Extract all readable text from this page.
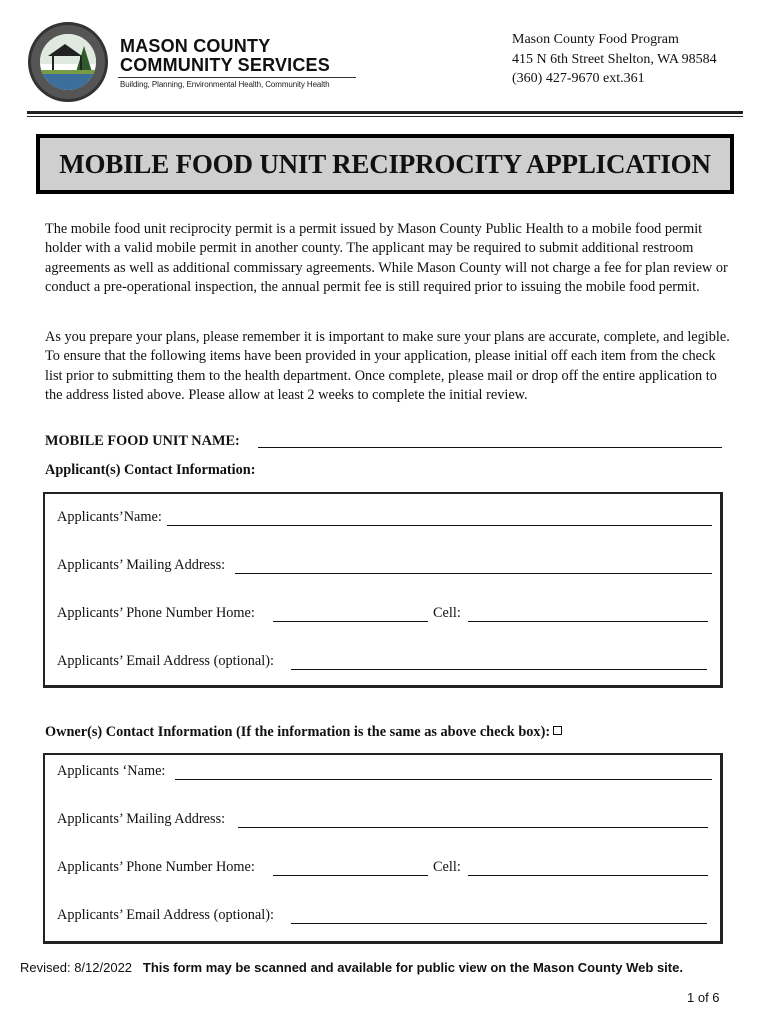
MASON COUNTY
COMMUNITY SERVICES
Building, Planning, Environmental Health, Community Health
Mason County Food Program
415 N 6th Street Shelton, WA 98584
(360) 427-9670 ext.361
MOBILE FOOD UNIT RECIPROCITY APPLICATION
The mobile food unit reciprocity permit is a permit issued by Mason County Public Health to a mobile food permit holder with a valid mobile permit in another county. The applicant may be required to submit additional restroom agreements as well as additional commissary agreements. While Mason County will not charge a fee for plan review or conduct a pre-operational inspection, the annual permit fee is still required prior to issuing the mobile food permit.
As you prepare your plans, please remember it is important to make sure your plans are accurate, complete, and legible. To ensure that the following items have been provided in your application, please initial off each item from the check list prior to submitting them to the health department. Once complete, please mail or drop off the entire application to the address listed above. Please allow at least 2 weeks to complete the initial review.
MOBILE FOOD UNIT NAME:
Applicant(s) Contact Information:
Applicants’Name:
Applicants’ Mailing Address:
Applicants’ Phone Number Home:	Cell:
Applicants’ Email Address (optional):
Owner(s) Contact Information (If the information is the same as above check box):
Applicants ‘Name:
Applicants’ Mailing Address:
Applicants’ Phone Number Home:	Cell:
Applicants’ Email Address (optional):
Revised: 8/12/2022 This form may be scanned and available for public view on the Mason County Web site.
1 of 6
